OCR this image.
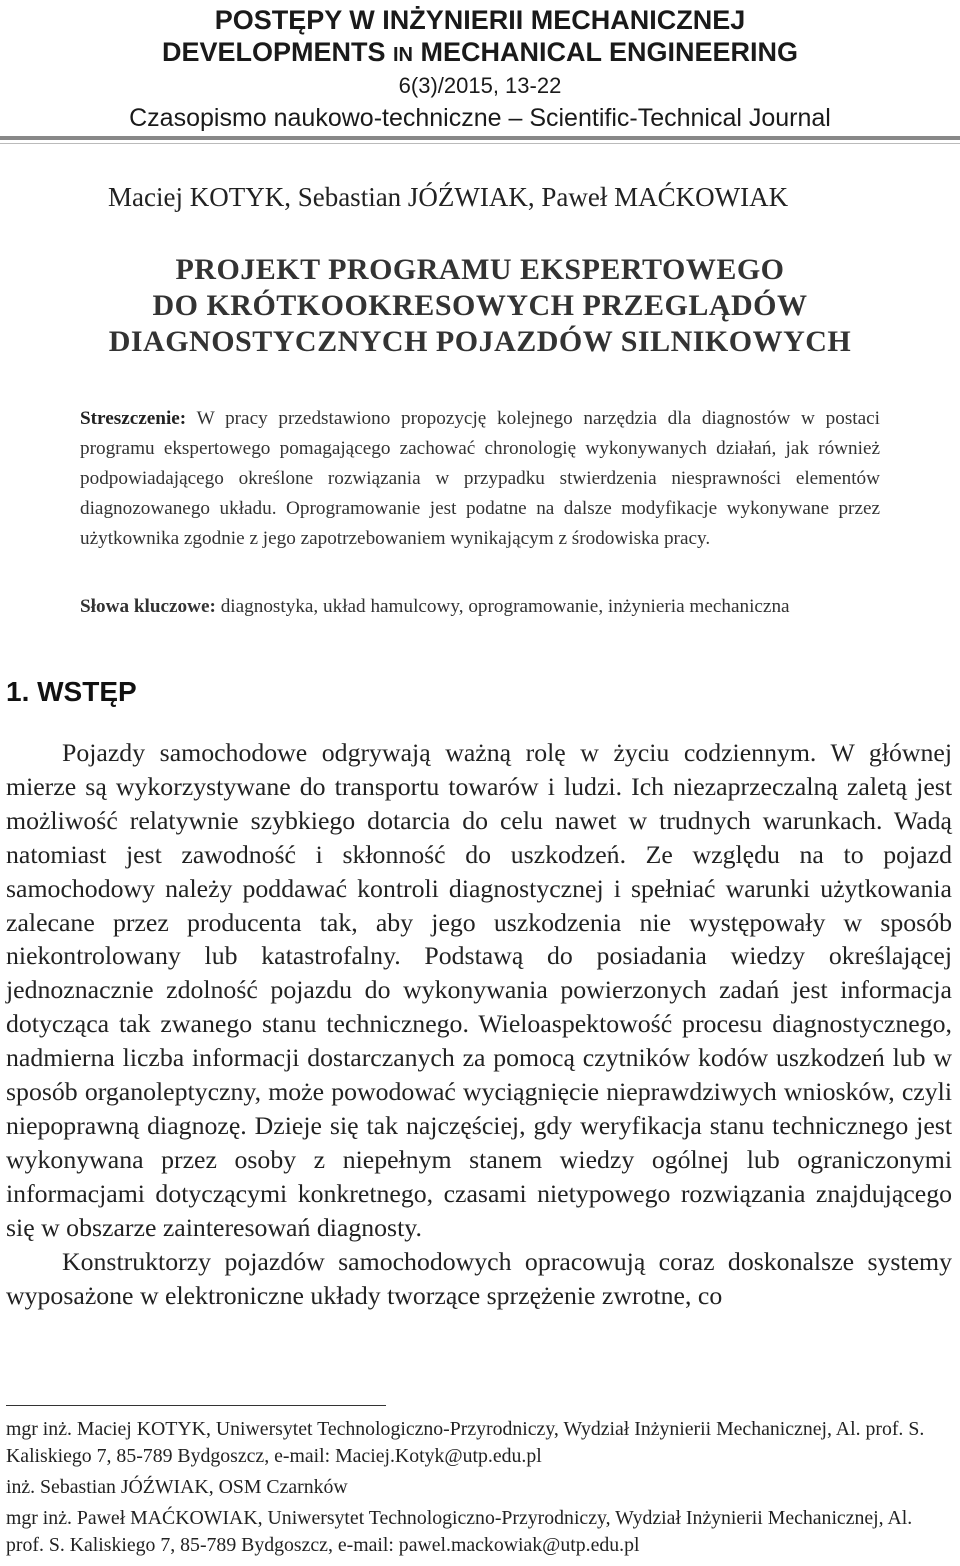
POSTĘPY W INŻYNIERII MECHANICZNEJ
DEVELOPMENTS IN MECHANICAL ENGINEERING
6(3)/2015, 13-22
Czasopismo naukowo-techniczne – Scientific-Technical Journal
Maciej KOTYK, Sebastian JÓŹWIAK, Paweł MAĆKOWIAK
PROJEKT PROGRAMU EKSPERTOWEGO
DO KRÓTKOOKRESOWYCH PRZEGLĄDÓW
DIAGNOSTYCZNYCH POJAZDÓW SILNIKOWYCH
Streszczenie: W pracy przedstawiono propozycję kolejnego narzędzia dla diagnostów w postaci programu ekspertowego pomagającego zachować chronologię wykonywanych działań, jak również podpowiadającego określone rozwiązania w przypadku stwierdzenia niesprawności elementów diagnozowanego układu. Oprogramowanie jest podatne na dalsze modyfikacje wykonywane przez użytkownika zgodnie z jego zapotrzebowaniem wynikającym z środowiska pracy.
Słowa kluczowe: diagnostyka, układ hamulcowy, oprogramowanie, inżynieria mechaniczna
1. WSTĘP

Pojazdy samochodowe odgrywają ważną rolę w życiu codziennym. W głównej mierze są wykorzystywane do transportu towarów i ludzi. Ich niezaprzeczalną zaletą jest możliwość relatywnie szybkiego dotarcia do celu nawet w trudnych warunkach. Wadą natomiast jest zawodność i skłonność do uszkodzeń. Ze względu na to pojazd samochodowy należy poddawać kontroli diagnostycznej i spełniać warunki użytkowania zalecane przez producenta tak, aby jego uszkodzenia nie występowały w sposób niekontrolowany lub katastrofalny. Podstawą do posiadania wiedzy określającej jednoznacznie zdolność pojazdu do wykonywania powierzonych zadań jest informacja dotycząca tak zwanego stanu technicznego. Wieloaspektowość procesu diagnostycznego, nadmierna liczba informacji dostarczanych za pomocą czytników kodów uszkodzeń lub w sposób organoleptyczny, może powodować wyciągnięcie nieprawdziwych wniosków, czyli niepoprawną diagnozę. Dzieje się tak najczęściej, gdy weryfikacja stanu technicznego jest wykonywana przez osoby z niepełnym stanem wiedzy ogólnej lub ograniczonymi informacjami dotyczącymi konkretnego, czasami nietypowego rozwiązania znajdującego się w obszarze zainteresowań diagnosty.

Konstruktorzy pojazdów samochodowych opracowują coraz doskonalsze systemy wyposażone w elektroniczne układy tworzące sprzężenie zwrotne, co

mgr inż. Maciej KOTYK, Uniwersytet Technologiczno-Przyrodniczy, Wydział Inżynierii Mechanicznej, Al. prof. S. Kaliskiego 7, 85-789 Bydgoszcz, e-mail: Maciej.Kotyk@utp.edu.pl

inż. Sebastian JÓŹWIAK, OSM Czarnków

mgr inż. Paweł MAĆKOWIAK, Uniwersytet Technologiczno-Przyrodniczy, Wydział Inżynierii Mechanicznej, Al. prof. S. Kaliskiego 7, 85-789 Bydgoszcz, e-mail: pawel.mackowiak@utp.edu.pl
